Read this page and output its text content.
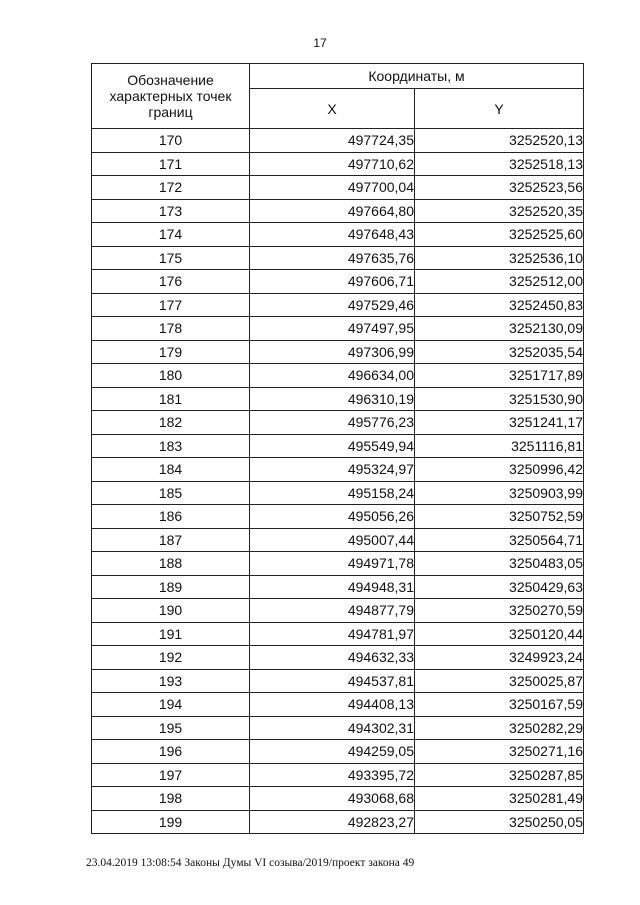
17
Обозначение характерных точек границ	Координаты, м	
	X	Y
170	497724,35	3252520,13
171	497710,62	3252518,13
172	497700,04	3252523,56
173	497664,80	3252520,35
174	497648,43	3252525,60
175	497635,76	3252536,10
176	497606,71	3252512,00
177	497529,46	3252450,83
178	497497,95	3252130,09
179	497306,99	3252035,54
180	496634,00	3251717,89
181	496310,19	3251530,90
182	495776,23	3251241,17
183	495549,94	3251116,81
184	495324,97	3250996,42
185	495158,24	3250903,99
186	495056,26	3250752,59
187	495007,44	3250564,71
188	494971,78	3250483,05
189	494948,31	3250429,63
190	494877,79	3250270,59
191	494781,97	3250120,44
192	494632,33	3249923,24
193	494537,81	3250025,87
194	494408,13	3250167,59
195	494302,31	3250282,29
196	494259,05	3250271,16
197	493395,72	3250287,85
198	493068,68	3250281,49
199	492823,27	3250250,05
23.04.2019 13:08:54 Законы Думы VI созыва/2019/проект закона 49
